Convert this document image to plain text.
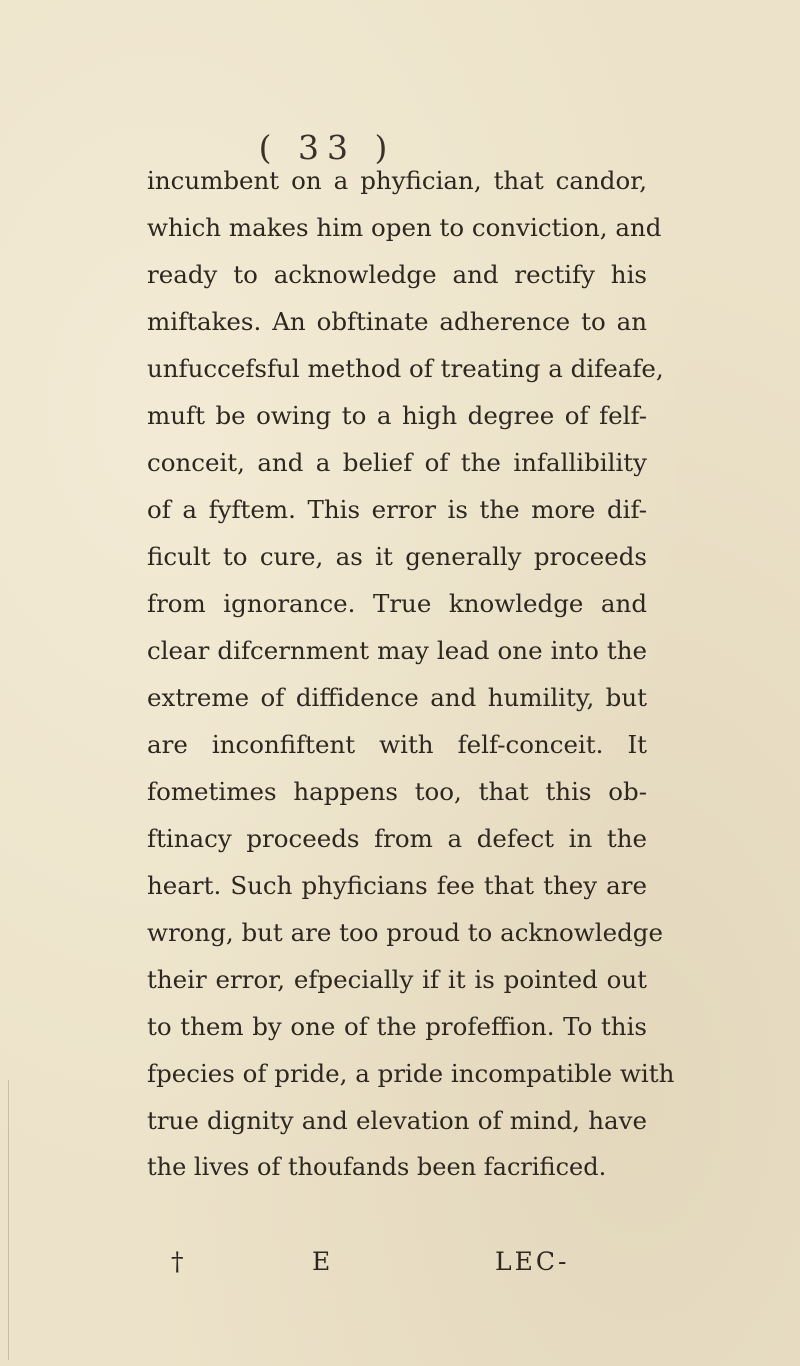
( 33 )
incumbent on a phyfician, that candor,
which makes him open to conviction, and
ready to acknowledge and rectify his
miftakes. An obftinate adherence to an
unfuccefsful method of treating a difeafe,
muft be owing to a high degree of felf-
conceit, and a belief of the infallibility
of a fyftem. This error is the more dif-
ficult to cure, as it generally proceeds
from ignorance. True knowledge and
clear difcernment may lead one into the
extreme of diffidence and humility, but
are inconfiftent with felf-conceit. It
fometimes happens too, that this ob-
ftinacy proceeds from a defect in the
heart. Such phyficians fee that they are
wrong, but are too proud to acknowledge
their error, efpecially if it is pointed out
to them by one of the profeffion. To this
fpecies of pride, a pride incompatible with
true dignity and elevation of mind, have
the lives of thoufands been facrificed.
†	E	LEC-
